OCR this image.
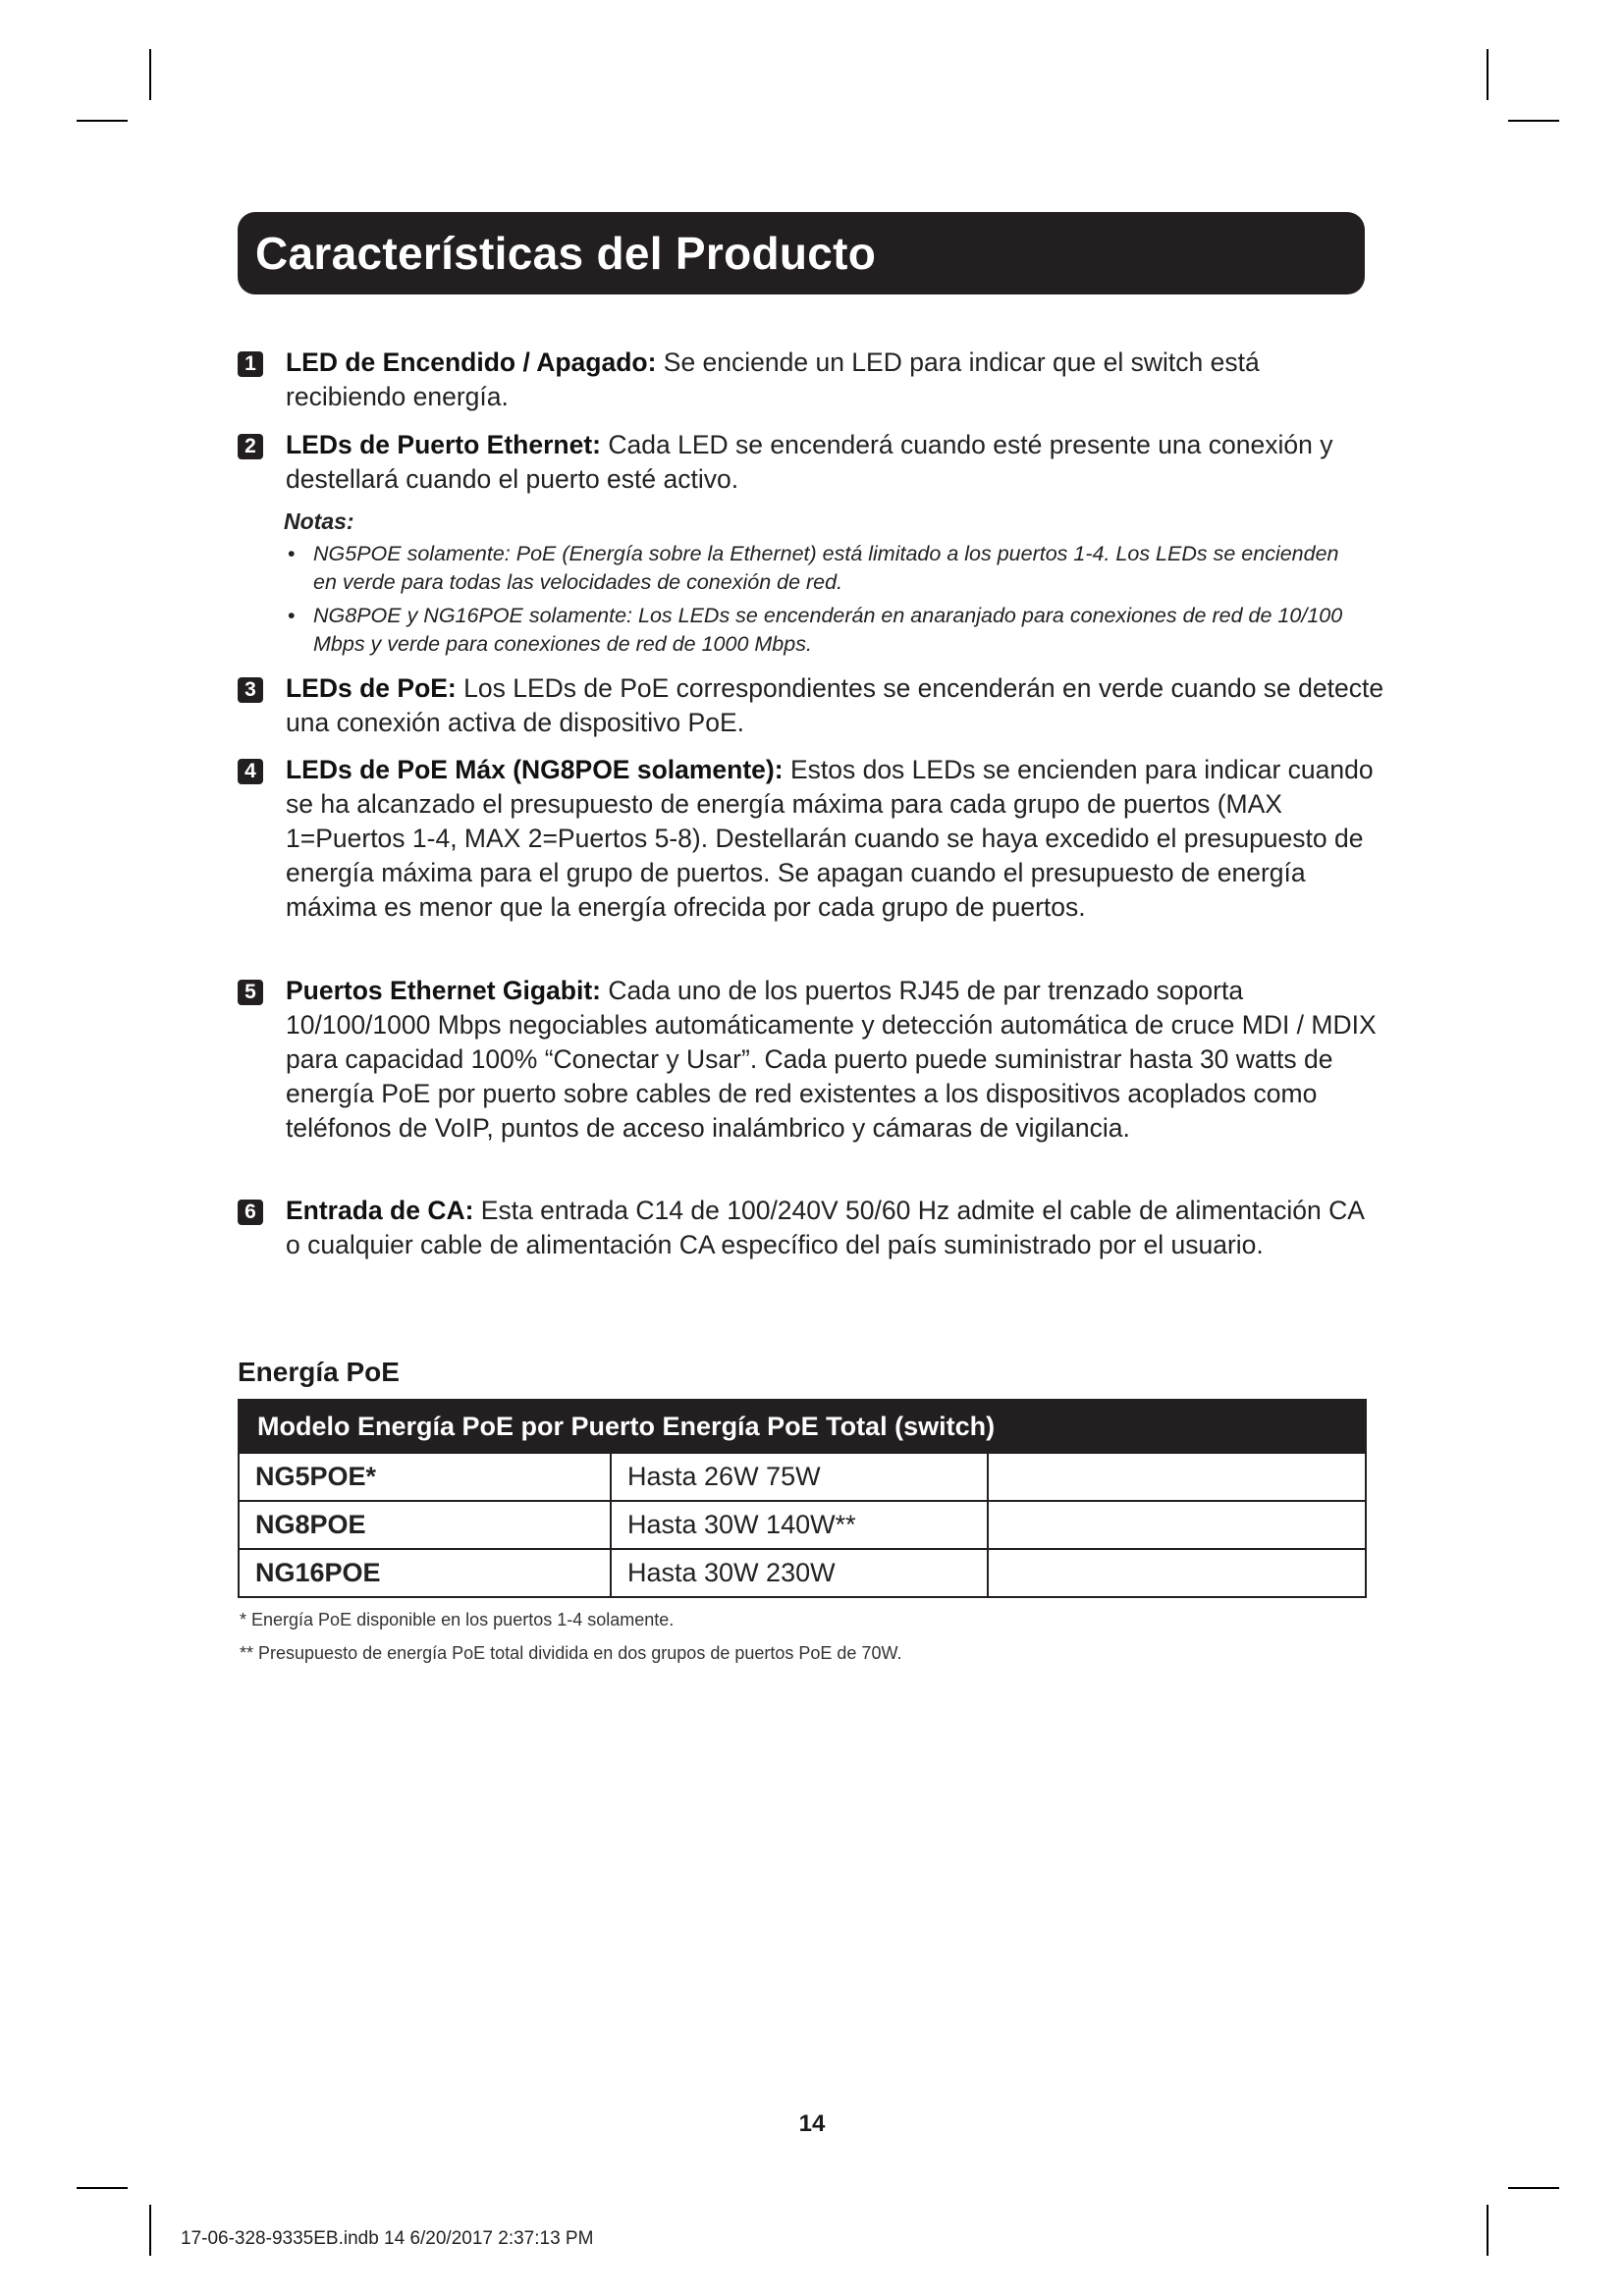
Características del Producto
1 LED de Encendido / Apagado: Se enciende un LED para indicar que el switch está recibiendo energía.
2 LEDs de Puerto Ethernet: Cada LED se encenderá cuando esté presente una conexión y destellará cuando el puerto esté activo.
Notas:
• NG5POE solamente: PoE (Energía sobre la Ethernet) está limitado a los puertos 1-4. Los LEDs se encienden en verde para todas las velocidades de conexión de red.
• NG8POE y NG16POE solamente: Los LEDs se encenderán en anaranjado para conexiones de red de 10/100 Mbps y verde para conexiones de red de 1000 Mbps.
3 LEDs de PoE: Los LEDs de PoE correspondientes se encenderán en verde cuando se detecte una conexión activa de dispositivo PoE.
4 LEDs de PoE Máx (NG8POE solamente): Estos dos LEDs se encienden para indicar cuando se ha alcanzado el presupuesto de energía máxima para cada grupo de puertos (MAX 1=Puertos 1-4, MAX 2=Puertos 5-8). Destellarán cuando se haya excedido el presupuesto de energía máxima para el grupo de puertos. Se apagan cuando el presupuesto de energía máxima es menor que la energía ofrecida por cada grupo de puertos.
5 Puertos Ethernet Gigabit: Cada uno de los puertos RJ45 de par trenzado soporta 10/100/1000 Mbps negociables automáticamente y detección automática de cruce MDI / MDIX para capacidad 100% “Conectar y Usar”. Cada puerto puede suministrar hasta 30 watts de energía PoE por puerto sobre cables de red existentes a los dispositivos acoplados como teléfonos de VoIP, puntos de acceso inalámbrico y cámaras de vigilancia.
6 Entrada de CA: Esta entrada C14 de 100/240V 50/60 Hz admite el cable de alimentación CA o cualquier cable de alimentación CA específico del país suministrado por el usuario.
Energía PoE
Modelo Energía PoE por Puerto Energía PoE Total (switch)		
NG5POE*	Hasta 26W 75W	
NG8POE	Hasta 30W 140W**	
NG16POE	Hasta 30W 230W	
* Energía PoE disponible en los puertos 1-4 solamente.
** Presupuesto de energía PoE total dividida en dos grupos de puertos PoE de 70W.
14
17-06-328-9335EB.indb 14 6/20/2017 2:37:13 PM
